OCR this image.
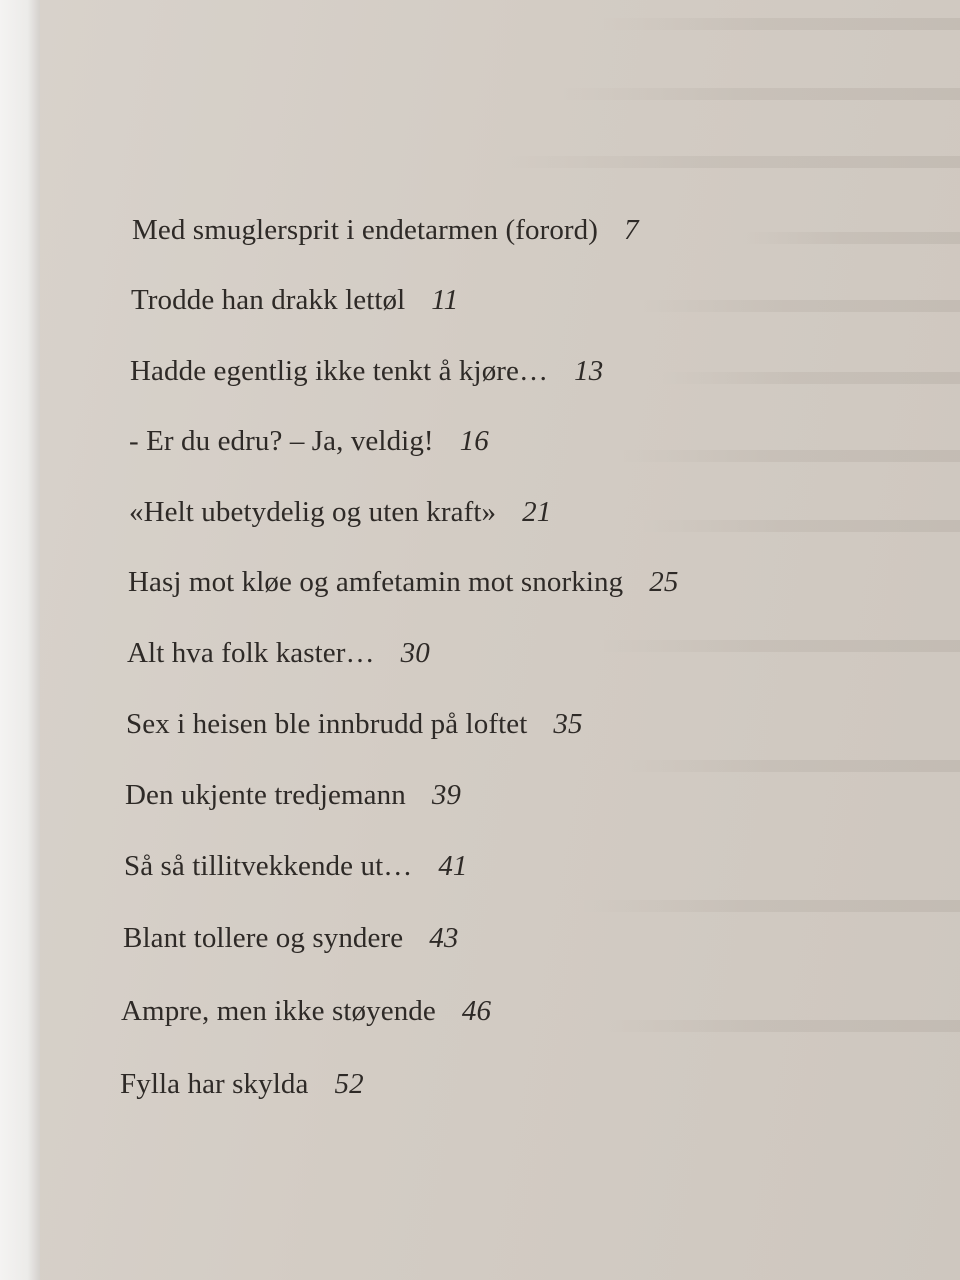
Med smuglersprit i endetarmen (forord) 7
Trodde han drakk lettøl 11
Hadde egentlig ikke tenkt å kjøre… 13
- Er du edru? – Ja, veldig! 16
«Helt ubetydelig og uten kraft» 21
Hasj mot kløe og amfetamin mot snorking 25
Alt hva folk kaster… 30
Sex i heisen ble innbrudd på loftet 35
Den ukjente tredjemann 39
Så så tillitvekkende ut… 41
Blant tollere og syndere 43
Ampre, men ikke støyende 46
Fylla har skylda 52
